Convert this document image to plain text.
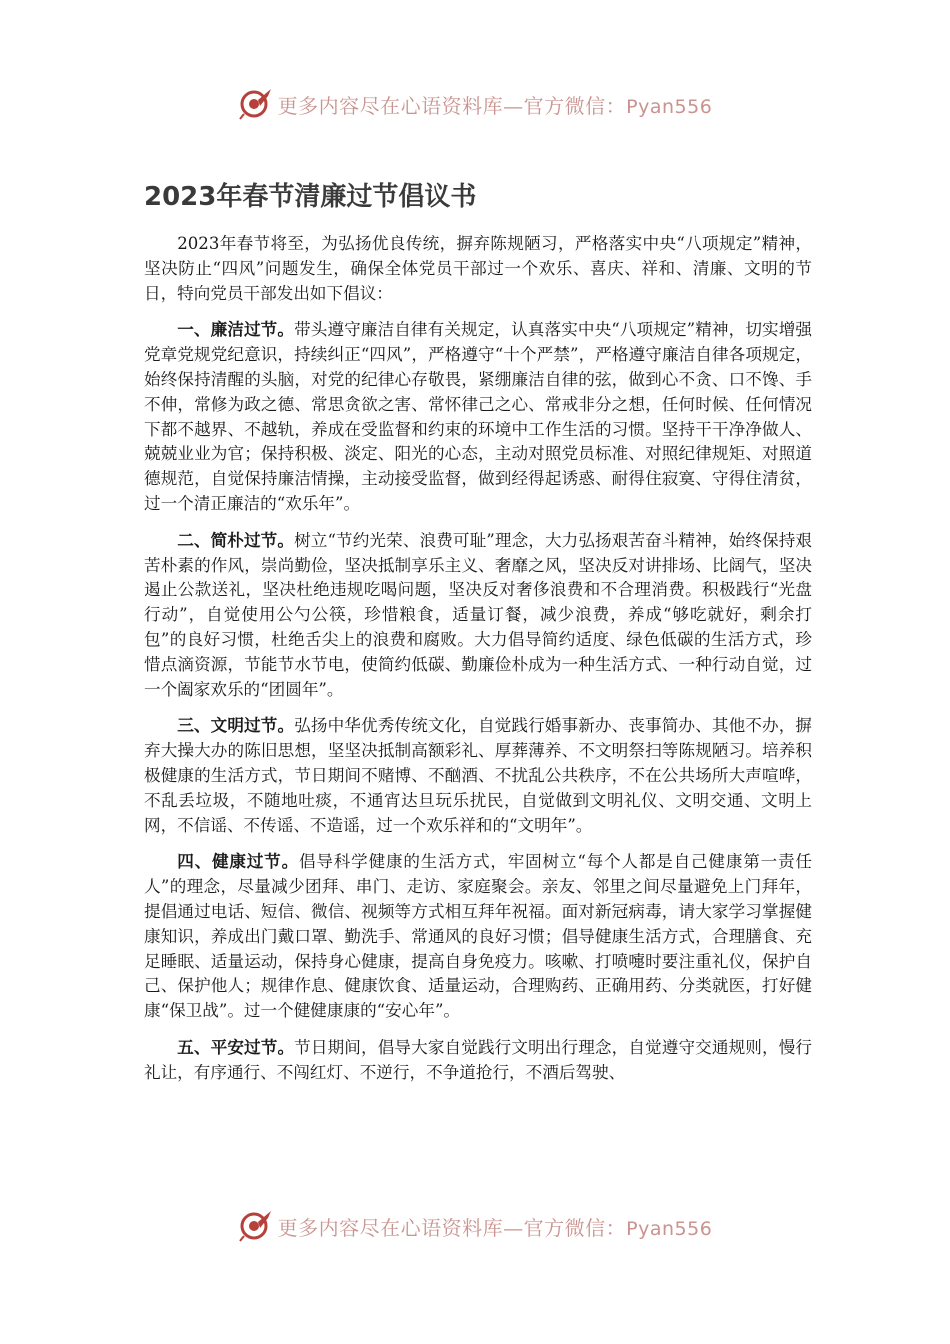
更多内容尽在心语资料库—官方微信：Pyan556
2023年春节清廉过节倡议书

2023年春节将至，为弘扬优良传统，摒弃陈规陋习，严格落实中央“八项规定”精神，坚决防止“四风”问题发生，确保全体党员干部过一个欢乐、喜庆、祥和、清廉、文明的节日，特向党员干部发出如下倡议：

一、廉洁过节。带头遵守廉洁自律有关规定，认真落实中央“八项规定”精神，切实增强党章党规党纪意识，持续纠正“四风”，严格遵守“十个严禁”，严格遵守廉洁自律各项规定，始终保持清醒的头脑，对党的纪律心存敬畏，紧绷廉洁自律的弦，做到心不贪、口不馋、手不伸，常修为政之德、常思贪欲之害、常怀律己之心、常戒非分之想，任何时候、任何情况下都不越界、不越轨，养成在受监督和约束的环境中工作生活的习惯。坚持干干净净做人、兢兢业业为官；保持积极、淡定、阳光的心态，主动对照党员标准、对照纪律规矩、对照道德规范，自觉保持廉洁情操，主动接受监督，做到经得起诱惑、耐得住寂寞、守得住清贫，过一个清正廉洁的“欢乐年”。

二、简朴过节。树立“节约光荣、浪费可耻”理念，大力弘扬艰苦奋斗精神，始终保持艰苦朴素的作风，崇尚勤俭，坚决抵制享乐主义、奢靡之风，坚决反对讲排场、比阔气，坚决遏止公款送礼，坚决杜绝违规吃喝问题，坚决反对奢侈浪费和不合理消费。积极践行“光盘行动”，自觉使用公勺公筷，珍惜粮食，适量订餐，减少浪费，养成“够吃就好，剩余打包”的良好习惯，杜绝舌尖上的浪费和腐败。大力倡导简约适度、绿色低碳的生活方式，珍惜点滴资源，节能节水节电，使简约低碳、勤廉俭朴成为一种生活方式、一种行动自觉，过一个阖家欢乐的“团圆年”。

三、文明过节。弘扬中华优秀传统文化，自觉践行婚事新办、丧事简办、其他不办，摒弃大操大办的陈旧思想，坚坚决抵制高额彩礼、厚葬薄养、不文明祭扫等陈规陋习。培养积极健康的生活方式，节日期间不赌博、不酗酒、不扰乱公共秩序，不在公共场所大声喧哗，不乱丢垃圾，不随地吐痰，不通宵达旦玩乐扰民，自觉做到文明礼仪、文明交通、文明上网，不信谣、不传谣、不造谣，过一个欢乐祥和的“文明年”。

四、健康过节。倡导科学健康的生活方式，牢固树立“每个人都是自己健康第一责任人”的理念，尽量减少团拜、串门、走访、家庭聚会。亲友、邻里之间尽量避免上门拜年，提倡通过电话、短信、微信、视频等方式相互拜年祝福。面对新冠病毒，请大家学习掌握健康知识，养成出门戴口罩、勤洗手、常通风的良好习惯；倡导健康生活方式，合理膳食、充足睡眠、适量运动，保持身心健康，提高自身免疫力。咳嗽、打喷嚏时要注重礼仪，保护自己、保护他人；规律作息、健康饮食、适量运动，合理购药、正确用药、分类就医，打好健康“保卫战”。过一个健健康康的“安心年”。

五、平安过节。节日期间，倡导大家自觉践行文明出行理念，自觉遵守交通规则，慢行礼让，有序通行、不闯红灯、不逆行，不争道抢行，不酒后驾驶、

更多内容尽在心语资料库—官方微信：Pyan556
